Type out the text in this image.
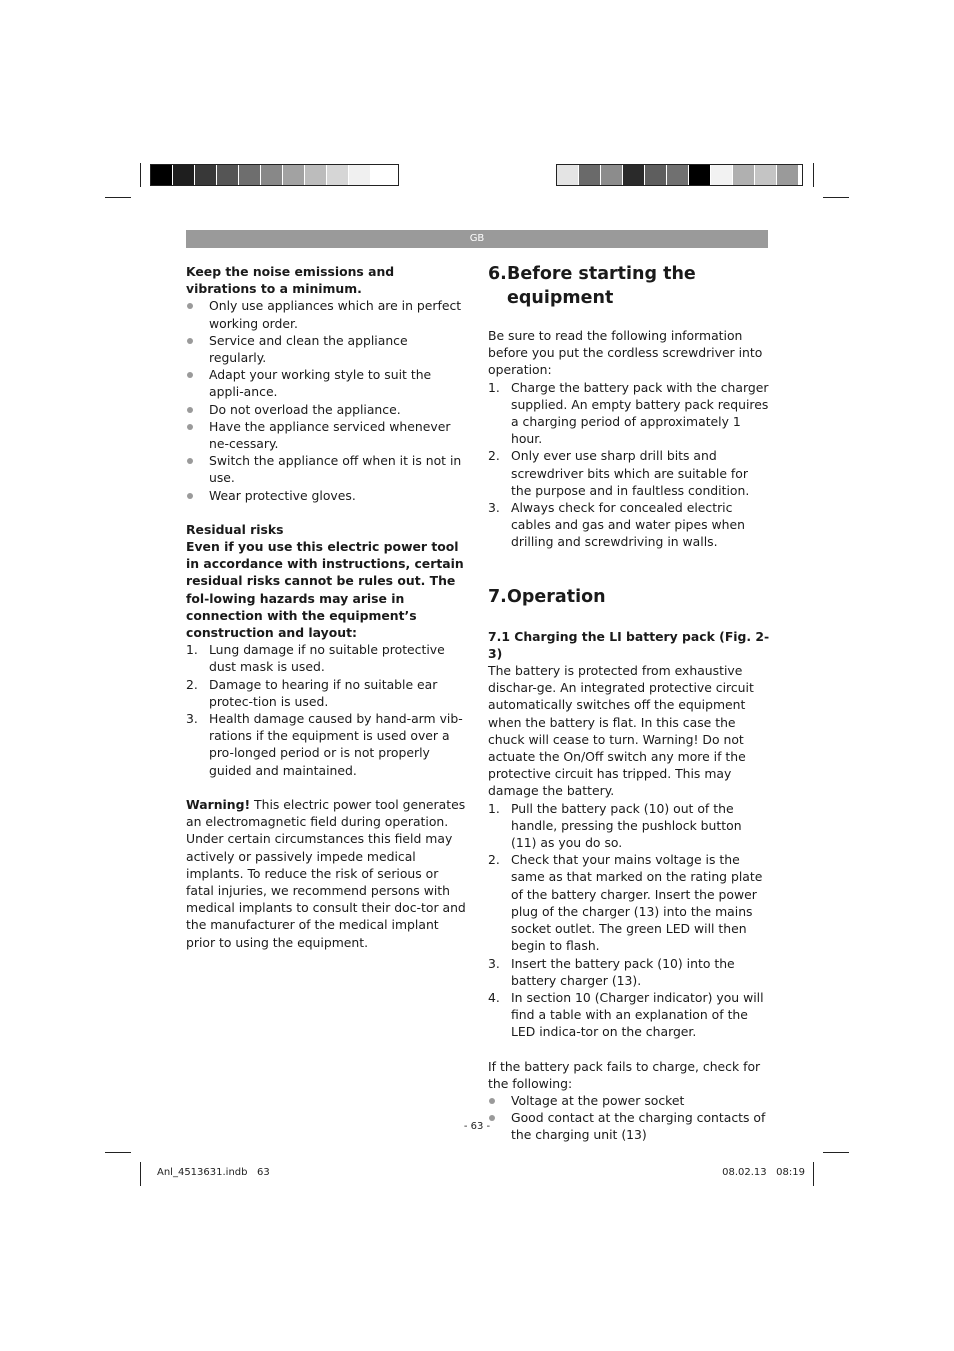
GB

Keep the noise emissions and vibrations to a minimum.

Only use appliances which are in perfect working order.
Service and clean the appliance regularly.
Adapt your working style to suit the appli-ance.
Do not overload the appliance.
Have the appliance serviced whenever ne-cessary.
Switch the appliance off when it is not in use.
Wear protective gloves.

Residual risks

Even if you use this electric power tool in accordance with instructions, certain residual risks cannot be rules out. The fol-lowing hazards may arise in connection with the equipment’s construction and layout:

1. Lung damage if no suitable protective dust mask is used.
2. Damage to hearing if no suitable ear protec-tion is used.
3. Health damage caused by hand-arm vib-rations if the equipment is used over a pro-longed period or is not properly guided and maintained.

Warning! This electric power tool generates an electromagnetic field during operation. Under certain circumstances this field may actively or passively impede medical implants. To reduce the risk of serious or fatal injuries, we recommend persons with medical implants to consult their doc-tor and the manufacturer of the medical implant prior to using the equipment.

6.Before starting the
equipment

Be sure to read the following information before you put the cordless screwdriver into operation:

1. Charge the battery pack with the charger supplied. An empty battery pack requires a charging period of approximately 1 hour.
2. Only ever use sharp drill bits and screwdriver bits which are suitable for the purpose and in faultless condition.
3. Always check for concealed electric cables and gas and water pipes when drilling and screwdriving in walls.
7.Operation

7.1 Charging the LI battery pack (Fig. 2-3)

The battery is protected from exhaustive dischar-ge. An integrated protective circuit automatically switches off the equipment when the battery is flat. In this case the chuck will cease to turn. Warning! Do not actuate the On/Off switch any more if the protective circuit has tripped. This may damage the battery.

1. Pull the battery pack (10) out of the handle, pressing the pushlock button (11) as you do so.
2. Check that your mains voltage is the same as that marked on the rating plate of the battery charger. Insert the power plug of the charger (13) into the mains socket outlet. The green LED will then begin to flash.
3. Insert the battery pack (10) into the battery charger (13).
4. In section 10 (Charger indicator) you will find a table with an explanation of the LED indica-tor on the charger.

If the battery pack fails to charge, check for the following:

Voltage at the power socket
Good contact at the charging contacts of the charging unit (13)
- 63 -
Anl_4513631.indb   63	08.02.13   08:19
